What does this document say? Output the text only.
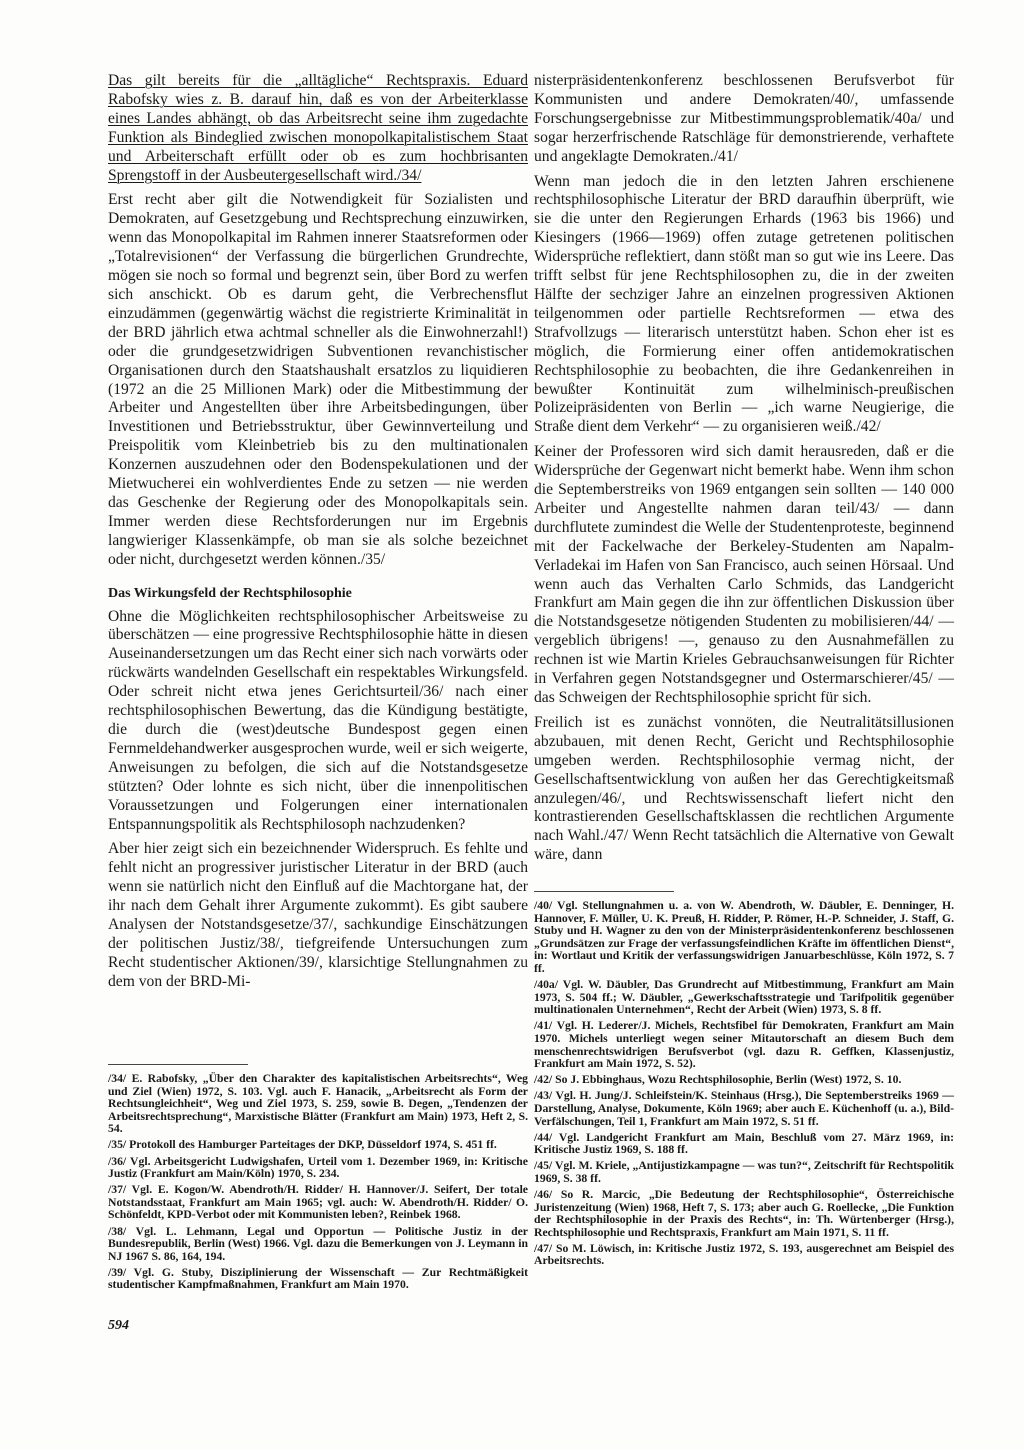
Das gilt bereits für die „alltägliche“ Rechtspraxis. Eduard Rabofsky wies z. B. darauf hin, daß es von der Arbeiterklasse eines Landes abhängt, ob das Arbeitsrecht seine ihm zugedachte Funktion als Bindeglied zwischen monopolkapitalistischem Staat und Arbeiterschaft erfüllt oder ob es zum hochbrisanten Sprengstoff in der Ausbeutergesellschaft wird./34/

Erst recht aber gilt die Notwendigkeit für Sozialisten und Demokraten, auf Gesetzgebung und Rechtsprechung einzuwirken, wenn das Monopolkapital im Rahmen innerer Staatsreformen oder „Totalrevisionen“ der Verfassung die bürgerlichen Grundrechte, mögen sie noch so formal und begrenzt sein, über Bord zu werfen sich anschickt. Ob es darum geht, die Verbrechensflut einzudämmen (gegenwärtig wächst die registrierte Kriminalität in der BRD jährlich etwa achtmal schneller als die Einwohnerzahl!) oder die grundgesetzwidrigen Subventionen revanchistischer Organisationen durch den Staatshaushalt ersatzlos zu liquidieren (1972 an die 25 Millionen Mark) oder die Mitbestimmung der Arbeiter und Angestellten über ihre Arbeitsbedingungen, über Investitionen und Betriebsstruktur, über Gewinnverteilung und Preispolitik vom Kleinbetrieb bis zu den multinationalen Konzernen auszudehnen oder den Bodenspekulationen und der Mietwucherei ein wohlverdientes Ende zu setzen — nie werden das Geschenke der Regierung oder des Monopolkapitals sein. Immer werden diese Rechtsforderungen nur im Ergebnis langwieriger Klassenkämpfe, ob man sie als solche bezeichnet oder nicht, durchgesetzt werden können./35/

Das Wirkungsfeld der Rechtsphilosophie

Ohne die Möglichkeiten rechtsphilosophischer Arbeitsweise zu überschätzen — eine progressive Rechtsphilosophie hätte in diesen Auseinandersetzungen um das Recht einer sich nach vorwärts oder rückwärts wandelnden Gesellschaft ein respektables Wirkungsfeld. Oder schreit nicht etwa jenes Gerichtsurteil/36/ nach einer rechtsphilosophischen Bewertung, das die Kündigung bestätigte, die durch die (west)deutsche Bundespost gegen einen Fernmeldehandwerker ausgesprochen wurde, weil er sich weigerte, Anweisungen zu befolgen, die sich auf die Notstandsgesetze stützten? Oder lohnte es sich nicht, über die innenpolitischen Voraussetzungen und Folgerungen einer internationalen Entspannungspolitik als Rechtsphilosoph nachzudenken?

Aber hier zeigt sich ein bezeichnender Widerspruch. Es fehlte und fehlt nicht an progressiver juristischer Literatur in der BRD (auch wenn sie natürlich nicht den Einfluß auf die Machtorgane hat, der ihr nach dem Gehalt ihrer Argumente zukommt). Es gibt saubere Analysen der Notstandsgesetze/37/, sachkundige Einschätzungen der politischen Justiz/38/, tiefgreifende Untersuchungen zum Recht studentischer Aktionen/39/, klarsichtige Stellungnahmen zu dem von der BRD-Mi-

nisterpräsidentenkonferenz beschlossenen Berufsverbot für Kommunisten und andere Demokraten/40/, umfassende Forschungsergebnisse zur Mitbestimmungsproblematik/40a/ und sogar herzerfrischende Ratschläge für demonstrierende, verhaftete und angeklagte Demokraten./41/

Wenn man jedoch die in den letzten Jahren erschienene rechtsphilosophische Literatur der BRD daraufhin überprüft, wie sie die unter den Regierungen Erhards (1963 bis 1966) und Kiesingers (1966—1969) offen zutage getretenen politischen Widersprüche reflektiert, dann stößt man so gut wie ins Leere. Das trifft selbst für jene Rechtsphilosophen zu, die in der zweiten Hälfte der sechziger Jahre an einzelnen progressiven Aktionen teilgenommen oder partielle Rechtsreformen — etwa des Strafvollzugs — literarisch unterstützt haben. Schon eher ist es möglich, die Formierung einer offen antidemokratischen Rechtsphilosophie zu beobachten, die ihre Gedankenreihen in bewußter Kontinuität zum wilhelminisch-preußischen Polizeipräsidenten von Berlin — „ich warne Neugierige, die Straße dient dem Verkehr“ — zu organisieren weiß./42/

Keiner der Professoren wird sich damit herausreden, daß er die Widersprüche der Gegenwart nicht bemerkt habe. Wenn ihm schon die Septemberstreiks von 1969 entgangen sein sollten — 140 000 Arbeiter und Angestellte nahmen daran teil/43/ — dann durchflutete zumindest die Welle der Studentenproteste, beginnend mit der Fackelwache der Berkeley-Studenten am Napalm-Verladekai im Hafen von San Francisco, auch seinen Hörsaal. Und wenn auch das Verhalten Carlo Schmids, das Landgericht Frankfurt am Main gegen die ihn zur öffentlichen Diskussion über die Notstandsgesetze nötigenden Studenten zu mobilisieren/44/ — vergeblich übrigens! —, genauso zu den Ausnahmefällen zu rechnen ist wie Martin Krieles Gebrauchsanweisungen für Richter in Verfahren gegen Notstandsgegner und Ostermarschierer/45/ — das Schweigen der Rechtsphilosophie spricht für sich.

Freilich ist es zunächst vonnöten, die Neutralitätsillusionen abzubauen, mit denen Recht, Gericht und Rechtsphilosophie umgeben werden. Rechtsphilosophie vermag nicht, der Gesellschaftsentwicklung von außen her das Gerechtigkeitsmaß anzulegen/46/, und Rechtswissenschaft liefert nicht den kontrastierenden Gesellschaftsklassen die rechtlichen Argumente nach Wahl./47/ Wenn Recht tatsächlich die Alternative von Gewalt wäre, dann

/34/ E. Rabofsky, „Über den Charakter des kapitalistischen Arbeitsrechts“, Weg und Ziel (Wien) 1972, S. 103. Vgl. auch F. Hanacik, „Arbeitsrecht als Form der Rechtsungleichheit“, Weg und Ziel 1973, S. 259, sowie B. Degen, „Tendenzen der Arbeitsrechtsprechung“, Marxistische Blätter (Frankfurt am Main) 1973, Heft 2, S. 54.

/35/ Protokoll des Hamburger Parteitages der DKP, Düsseldorf 1974, S. 451 ff.

/36/ Vgl. Arbeitsgericht Ludwigshafen, Urteil vom 1. Dezember 1969, in: Kritische Justiz (Frankfurt am Main/Köln) 1970, S. 234.

/37/ Vgl. E. Kogon/W. Abendroth/H. Ridder/ H. Hannover/J. Seifert, Der totale Notstandsstaat, Frankfurt am Main 1965; vgl. auch: W. Abendroth/H. Ridder/ O. Schönfeldt, KPD-Verbot oder mit Kommunisten leben?, Reinbek 1968.

/38/ Vgl. L. Lehmann, Legal und Opportun — Politische Justiz in der Bundesrepublik, Berlin (West) 1966. Vgl. dazu die Bemerkungen von J. Leymann in NJ 1967 S. 86, 164, 194.

/39/ Vgl. G. Stuby, Disziplinierung der Wissenschaft — Zur Rechtmäßigkeit studentischer Kampfmaßnahmen, Frankfurt am Main 1970.

/40/ Vgl. Stellungnahmen u. a. von W. Abendroth, W. Däubler, E. Denninger, H. Hannover, F. Müller, U. K. Preuß, H. Ridder, P. Römer, H.-P. Schneider, J. Staff, G. Stuby und H. Wagner zu den von der Ministerpräsidentenkonferenz beschlossenen „Grundsätzen zur Frage der verfassungsfeindlichen Kräfte im öffentlichen Dienst“, in: Wortlaut und Kritik der verfassungswidrigen Januarbeschlüsse, Köln 1972, S. 7 ff.

/40a/ Vgl. W. Däubler, Das Grundrecht auf Mitbestimmung, Frankfurt am Main 1973, S. 504 ff.; W. Däubler, „Gewerkschaftsstrategie und Tarifpolitik gegenüber multinationalen Unternehmen“, Recht der Arbeit (Wien) 1973, S. 8 ff.

/41/ Vgl. H. Lederer/J. Michels, Rechtsfibel für Demokraten, Frankfurt am Main 1970. Michels unterliegt wegen seiner Mitautorschaft an diesem Buch dem menschenrechtswidrigen Berufsverbot (vgl. dazu R. Geffken, Klassenjustiz, Frankfurt am Main 1972, S. 52).

/42/ So J. Ebbinghaus, Wozu Rechtsphilosophie, Berlin (West) 1972, S. 10.

/43/ Vgl. H. Jung/J. Schleifstein/K. Steinhaus (Hrsg.), Die Septemberstreiks 1969 — Darstellung, Analyse, Dokumente, Köln 1969; aber auch E. Küchenhoff (u. a.), Bild-Verfälschungen, Teil 1, Frankfurt am Main 1972, S. 51 ff.

/44/ Vgl. Landgericht Frankfurt am Main, Beschluß vom 27. März 1969, in: Kritische Justiz 1969, S. 188 ff.

/45/ Vgl. M. Kriele, „Antijustizkampagne — was tun?“, Zeitschrift für Rechtspolitik 1969, S. 38 ff.

/46/ So R. Marcic, „Die Bedeutung der Rechtsphilosophie“, Österreichische Juristenzeitung (Wien) 1968, Heft 7, S. 173; aber auch G. Roellecke, „Die Funktion der Rechtsphilosophie in der Praxis des Rechts“, in: Th. Würtenberger (Hrsg.), Rechtsphilosophie und Rechtspraxis, Frankfurt am Main 1971, S. 11 ff.

/47/ So M. Löwisch, in: Kritische Justiz 1972, S. 193, ausgerechnet am Beispiel des Arbeitsrechts.

594
